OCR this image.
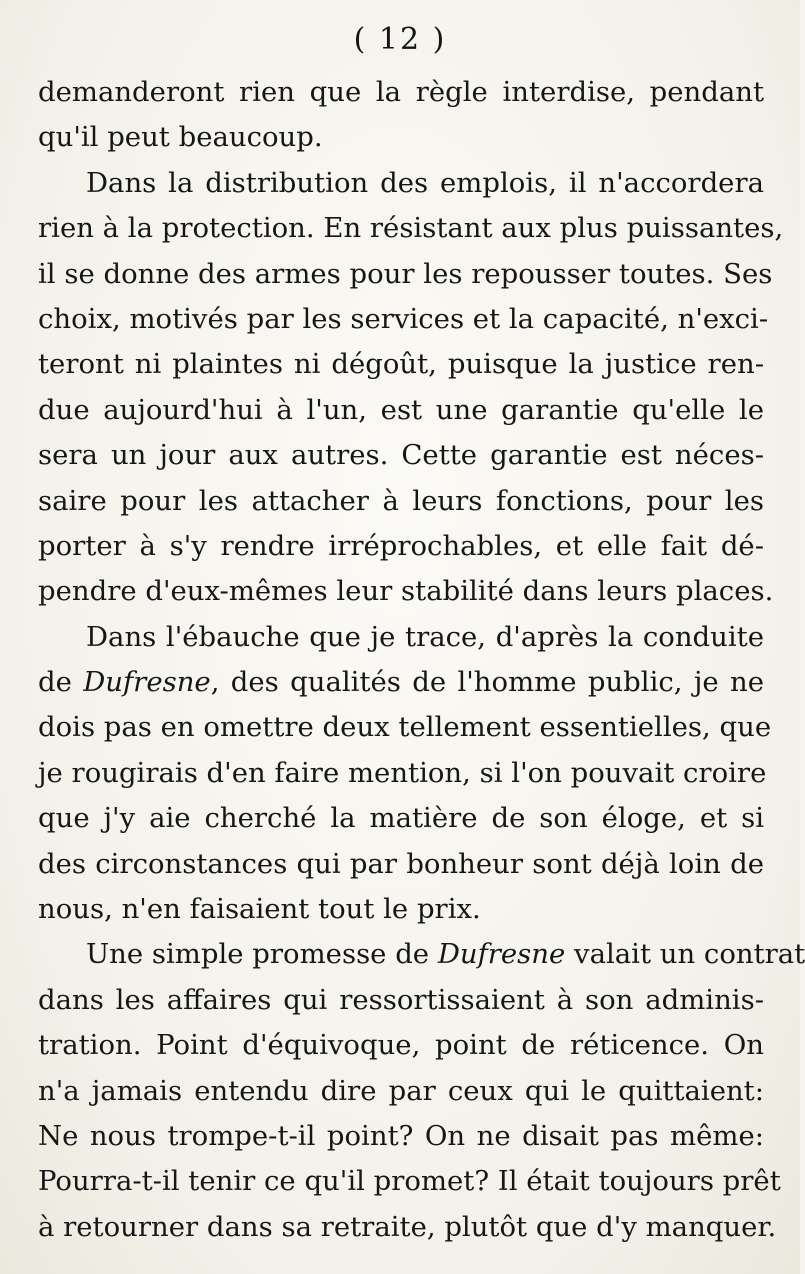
( 12 )
demanderont rien que la règle interdise, pendant
qu'il peut beaucoup.
Dans la distribution des emplois, il n'accordera
rien à la protection. En résistant aux plus puissantes,
il se donne des armes pour les repousser toutes. Ses
choix, motivés par les services et la capacité, n'exci-
teront ni plaintes ni dégoût, puisque la justice ren-
due aujourd'hui à l'un, est une garantie qu'elle le
sera un jour aux autres. Cette garantie est néces-
saire pour les attacher à leurs fonctions, pour les
porter à s'y rendre irréprochables, et elle fait dé-
pendre d'eux-mêmes leur stabilité dans leurs places.
Dans l'ébauche que je trace, d'après la conduite
de Dufresne, des qualités de l'homme public, je ne
dois pas en omettre deux tellement essentielles, que
je rougirais d'en faire mention, si l'on pouvait croire
que j'y aie cherché la matière de son éloge, et si
des circonstances qui par bonheur sont déjà loin de
nous, n'en faisaient tout le prix.
Une simple promesse de Dufresne valait un contrat
dans les affaires qui ressortissaient à son adminis-
tration. Point d'équivoque, point de réticence. On
n'a jamais entendu dire par ceux qui le quittaient:
Ne nous trompe-t-il point? On ne disait pas même:
Pourra-t-il tenir ce qu'il promet? Il était toujours prêt
à retourner dans sa retraite, plutôt que d'y manquer.
